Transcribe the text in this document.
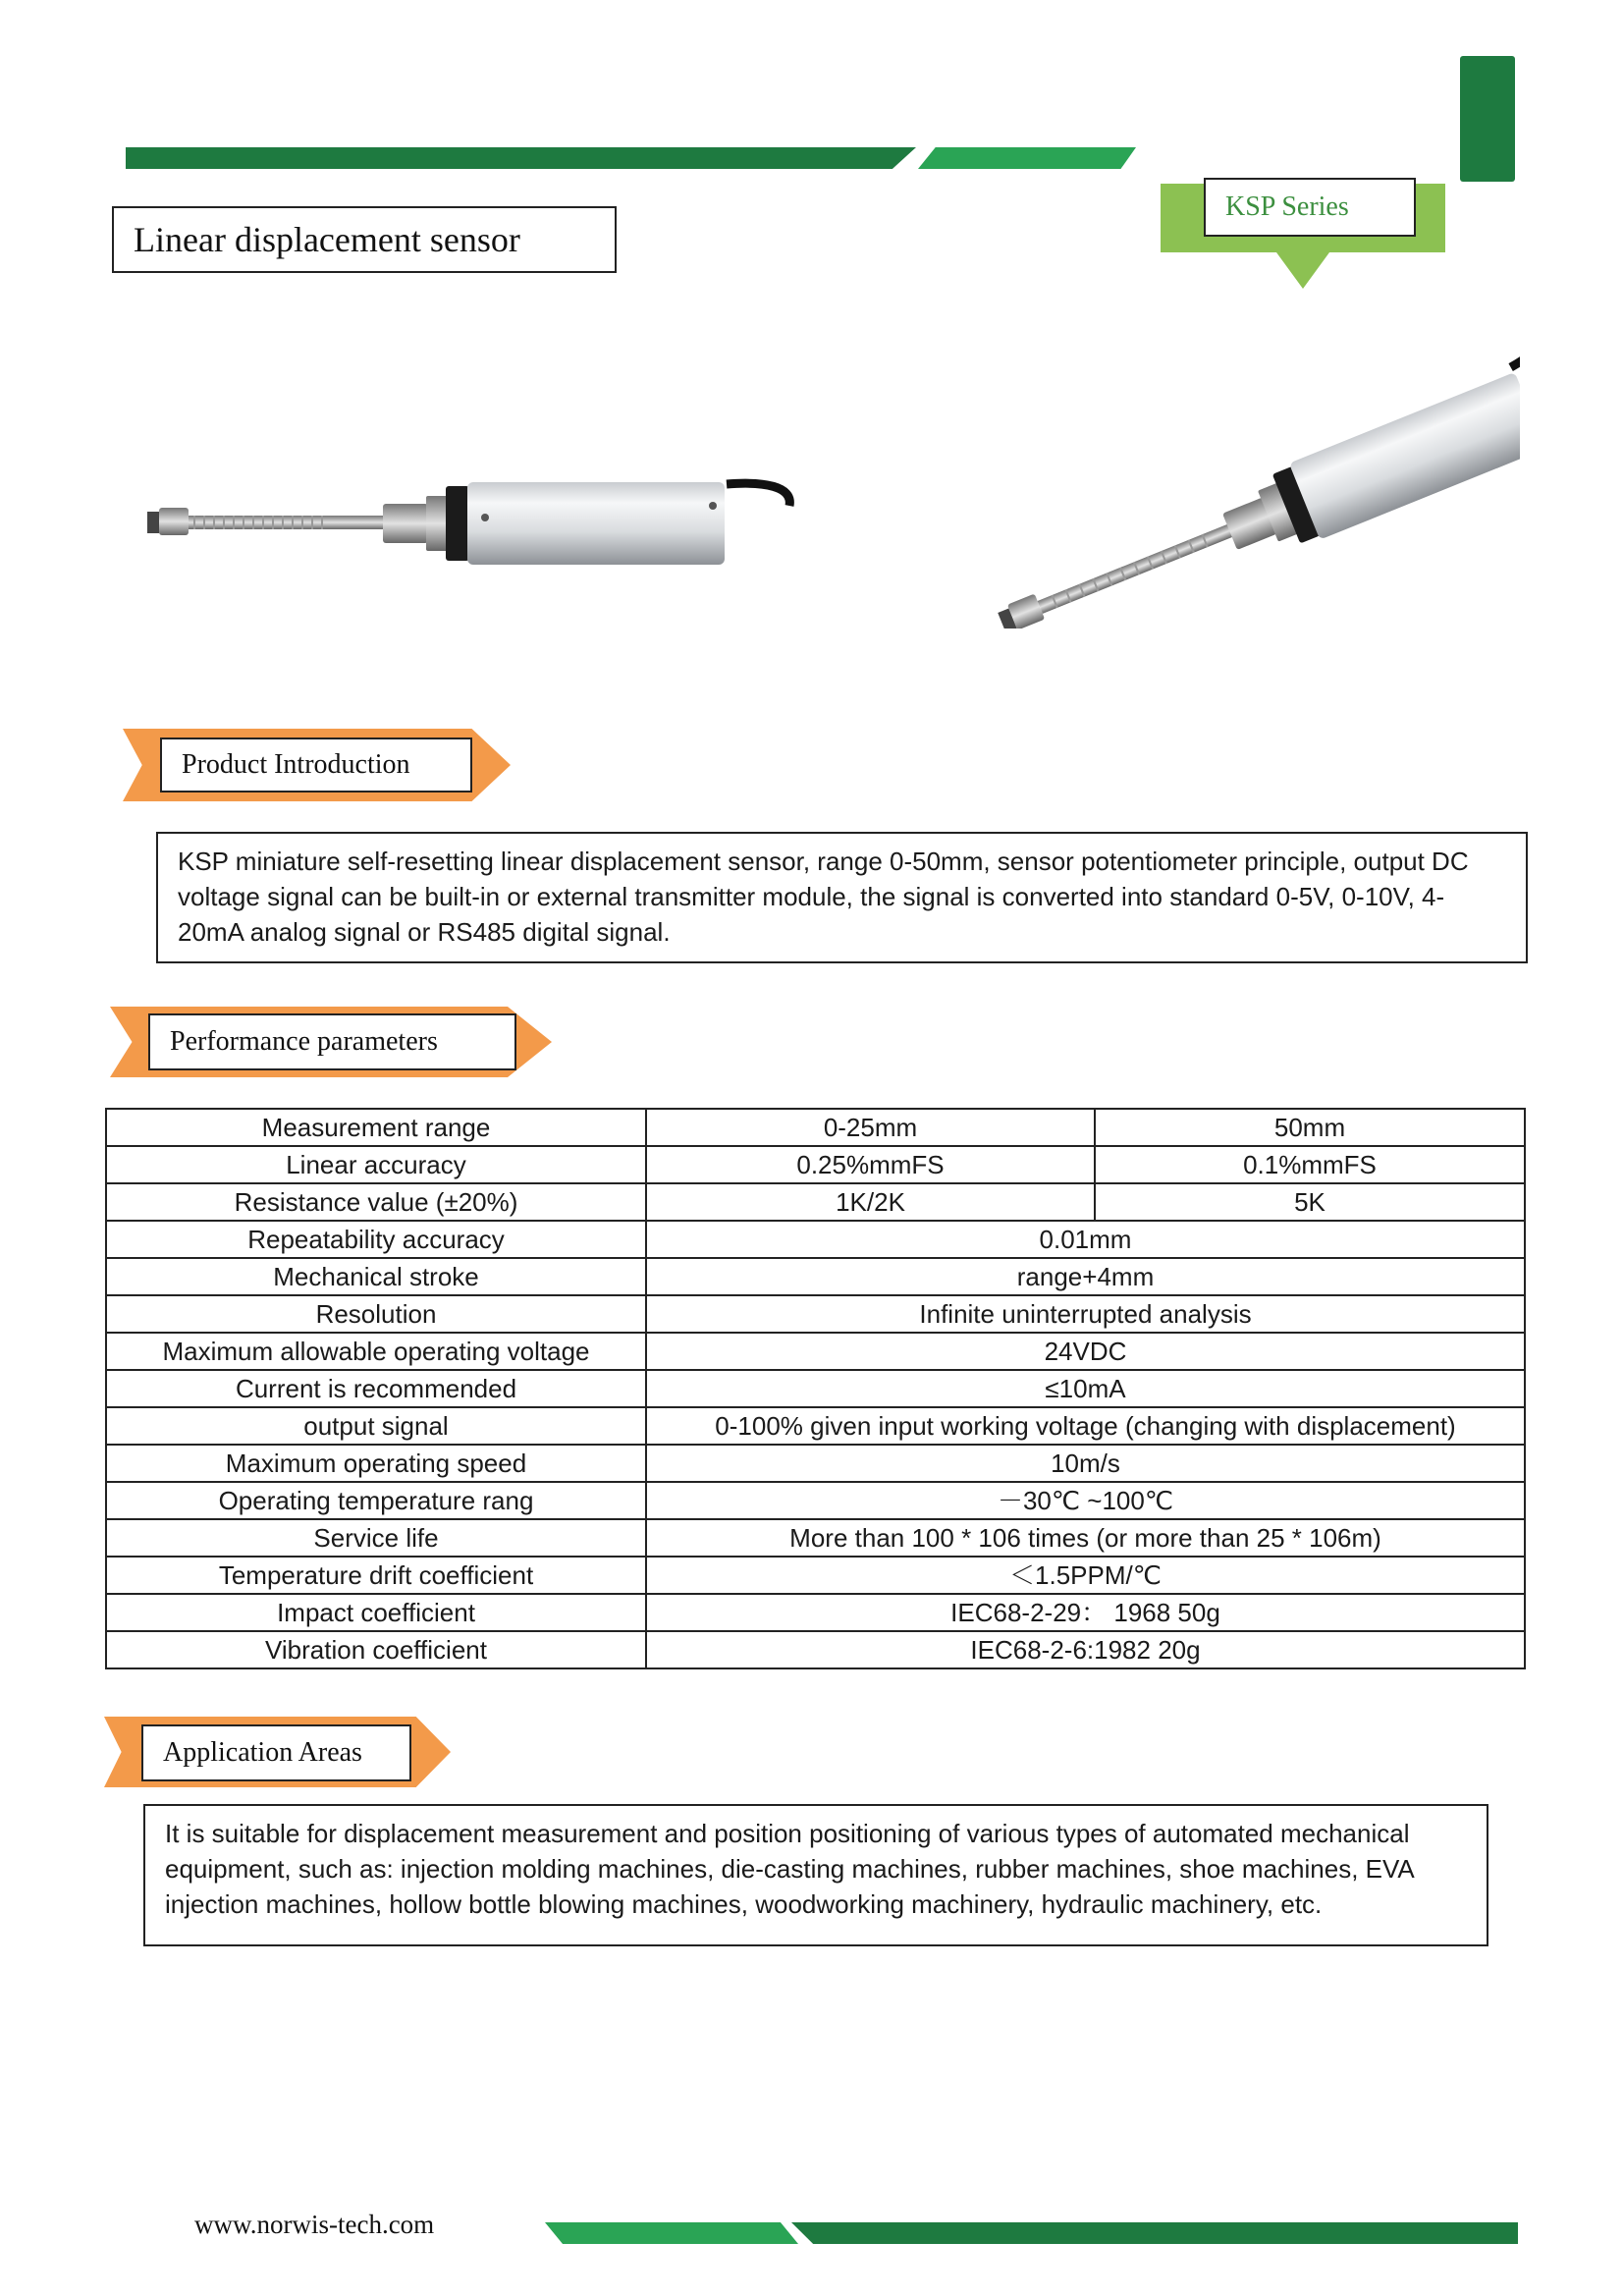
Linear displacement sensor
KSP Series
Product Introduction
KSP miniature self-resetting linear displacement sensor, range 0-50mm, sensor potentiometer principle, output DC voltage signal can be built-in or external transmitter module, the signal is converted into standard 0-5V, 0-10V, 4-20mA analog signal or RS485 digital signal.
Performance parameters
Measurement range	0-25mm	50mm
Linear accuracy	0.25%mmFS	0.1%mmFS
Resistance value (±20%)	1K/2K	5K
Repeatability accuracy	0.01mm	
Mechanical stroke	range+4mm	
Resolution	Infinite uninterrupted analysis	
Maximum allowable operating voltage	24VDC	
Current is recommended	≤10mA	
output signal	0-100% given input working voltage (changing with displacement)	
Maximum operating speed	10m/s	
Operating temperature rang	－30℃ ~100℃	
Service life	More than 100 * 106 times (or more than 25 * 106m)	
Temperature drift coefficient	＜1.5PPM/℃	
Impact coefficient	IEC68-2-29： 1968 50g	
Vibration coefficient	IEC68-2-6:1982 20g	
Application Areas
It is suitable for displacement measurement and position positioning of various types of automated mechanical equipment, such as: injection molding machines, die-casting machines, rubber machines, shoe machines, EVA injection machines, hollow bottle blowing machines, woodworking machinery, hydraulic machinery, etc.
www.norwis-tech.com
